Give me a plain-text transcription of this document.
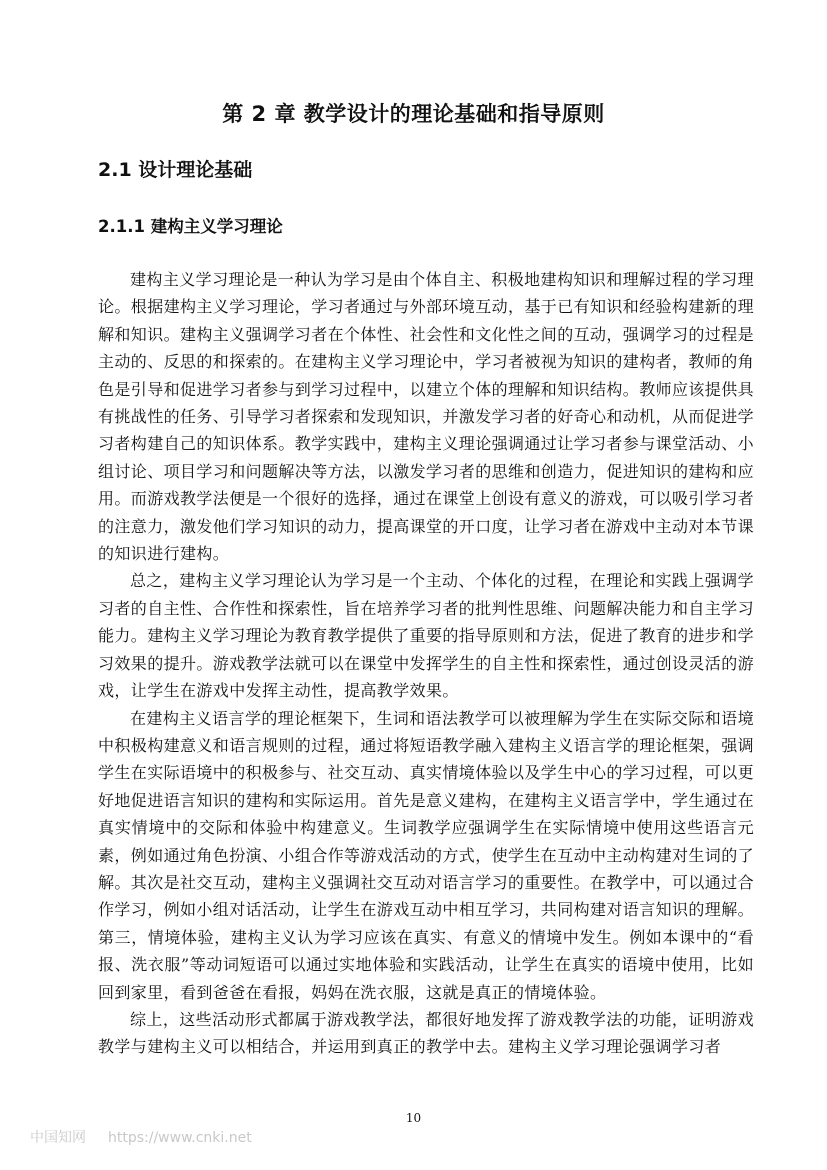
第 2 章 教学设计的理论基础和指导原则
2.1 设计理论基础
2.1.1 建构主义学习理论

建构主义学习理论是一种认为学习是由个体自主、积极地建构知识和理解过程的学习理论。根据建构主义学习理论，学习者通过与外部环境互动，基于已有知识和经验构建新的理解和知识。建构主义强调学习者在个体性、社会性和文化性之间的互动，强调学习的过程是主动的、反思的和探索的。在建构主义学习理论中，学习者被视为知识的建构者，教师的角色是引导和促进学习者参与到学习过程中，以建立个体的理解和知识结构。教师应该提供具有挑战性的任务、引导学习者探索和发现知识，并激发学习者的好奇心和动机，从而促进学习者构建自己的知识体系。教学实践中，建构主义理论强调通过让学习者参与课堂活动、小组讨论、项目学习和问题解决等方法，以激发学习者的思维和创造力，促进知识的建构和应用。而游戏教学法便是一个很好的选择，通过在课堂上创设有意义的游戏，可以吸引学习者的注意力，激发他们学习知识的动力，提高课堂的开口度，让学习者在游戏中主动对本节课的知识进行建构。

总之，建构主义学习理论认为学习是一个主动、个体化的过程，在理论和实践上强调学习者的自主性、合作性和探索性，旨在培养学习者的批判性思维、问题解决能力和自主学习能力。建构主义学习理论为教育教学提供了重要的指导原则和方法，促进了教育的进步和学习效果的提升。游戏教学法就可以在课堂中发挥学生的自主性和探索性，通过创设灵活的游戏，让学生在游戏中发挥主动性，提高教学效果。

在建构主义语言学的理论框架下，生词和语法教学可以被理解为学生在实际交际和语境中积极构建意义和语言规则的过程，通过将短语教学融入建构主义语言学的理论框架，强调学生在实际语境中的积极参与、社交互动、真实情境体验以及学生中心的学习过程，可以更好地促进语言知识的建构和实际运用。首先是意义建构，在建构主义语言学中，学生通过在真实情境中的交际和体验中构建意义。生词教学应强调学生在实际情境中使用这些语言元素，例如通过角色扮演、小组合作等游戏活动的方式，使学生在互动中主动构建对生词的了解。其次是社交互动，建构主义强调社交互动对语言学习的重要性。在教学中，可以通过合作学习，例如小组对话活动，让学生在游戏互动中相互学习，共同构建对语言知识的理解。第三，情境体验，建构主义认为学习应该在真实、有意义的情境中发生。例如本课中的“看报、洗衣服”等动词短语可以通过实地体验和实践活动，让学生在真实的语境中使用，比如回到家里，看到爸爸在看报，妈妈在洗衣服，这就是真正的情境体验。

综上，这些活动形式都属于游戏教学法，都很好地发挥了游戏教学法的功能，证明游戏教学与建构主义可以相结合，并运用到真正的教学中去。建构主义学习理论强调学习者

10
中国知网 https://www.cnki.net
